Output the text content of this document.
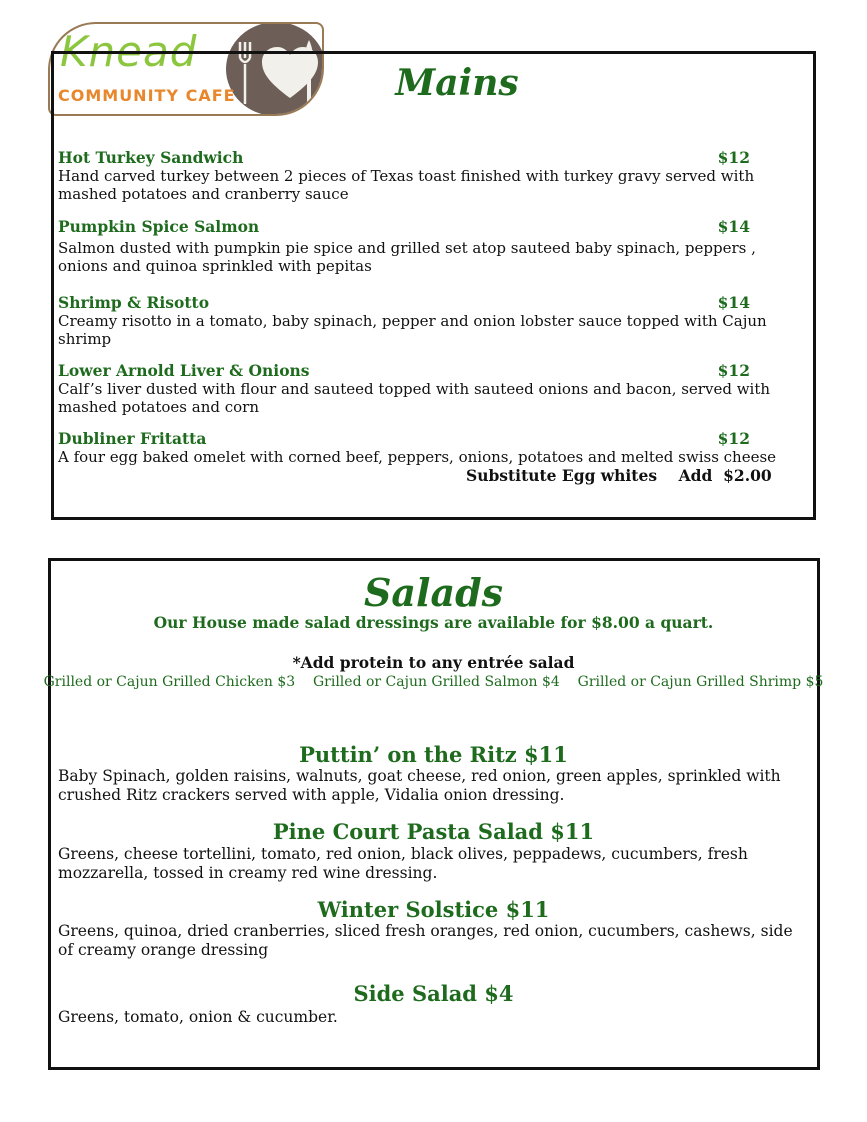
Knead
COMMUNITY CAFE	Mains
Hot Turkey Sandwich	$12
Hand carved turkey between 2 pieces of Texas toast finished with turkey gravy served with mashed potatoes and cranberry sauce
Pumpkin Spice Salmon	$14
Salmon dusted with pumpkin pie spice and grilled set atop sauteed baby spinach, peppers , onions and quinoa sprinkled with pepitas
Shrimp & Risotto	$14
Creamy risotto in a tomato, baby spinach, pepper and onion lobster sauce topped with Cajun shrimp
Lower Arnold Liver & Onions	$12
Calf’s liver dusted with flour and sauteed topped with sauteed onions and bacon, served with mashed potatoes and corn
Dubliner Fritatta	$12
A four egg baked omelet with corned beef, peppers, onions, potatoes and melted swiss cheese
Substitute Egg whites    Add  $2.00
Salads
Our House made salad dressings are available for $8.00 a quart.
*Add protein to any entrée salad
Grilled or Cajun Grilled Chicken $3    Grilled or Cajun Grilled Salmon $4    Grilled or Cajun Grilled Shrimp $5
Puttin’ on the Ritz $11
Baby Spinach, golden raisins, walnuts, goat cheese, red onion, green apples, sprinkled with crushed Ritz crackers served with apple, Vidalia onion dressing.
Pine Court Pasta Salad $11
Greens, cheese tortellini, tomato, red onion, black olives, peppadews, cucumbers, fresh mozzarella, tossed in creamy red wine dressing.
Winter Solstice $11
Greens, quinoa, dried cranberries, sliced fresh oranges, red onion, cucumbers, cashews, side of creamy orange dressing
Side Salad $4
Greens, tomato, onion & cucumber.
